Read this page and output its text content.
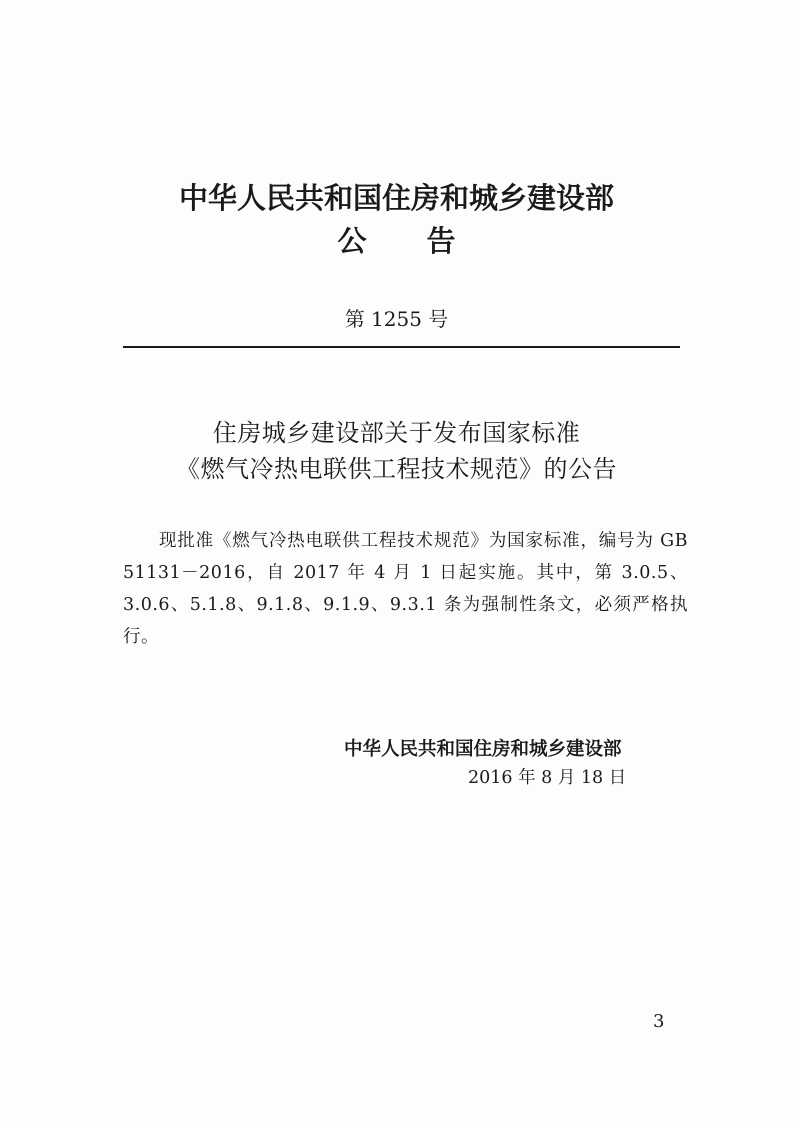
中华人民共和国住房和城乡建设部
公告
第 1255 号
住房城乡建设部关于发布国家标准
《燃气冷热电联供工程技术规范》的公告
现批准《燃气冷热电联供工程技术规范》为国家标准，编号为 GB 51131－2016，自 2017 年 4 月 1 日起实施。其中，第 3.0.5、3.0.6、5.1.8、9.1.8、9.1.9、9.3.1 条为强制性条文，必须严格执行。
中华人民共和国住房和城乡建设部
2016 年 8 月 18 日
3
